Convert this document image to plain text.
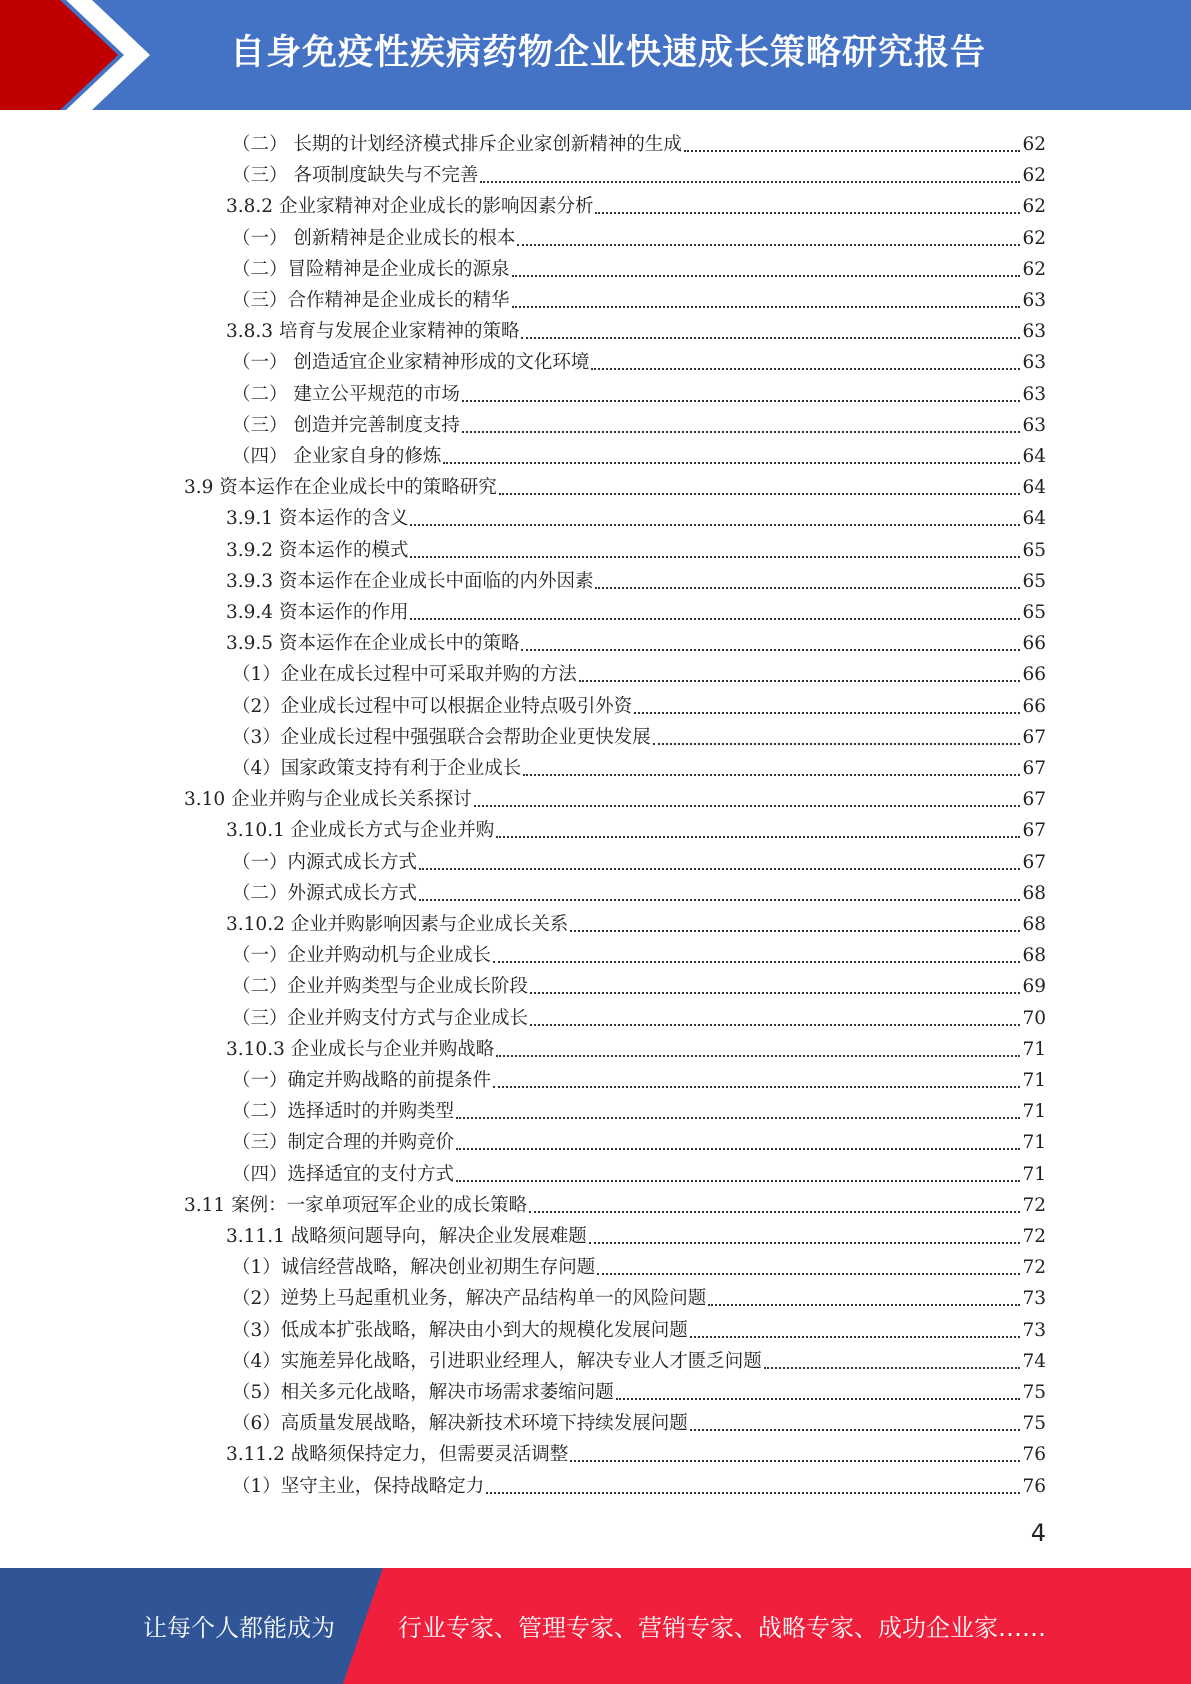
自身免疫性疾病药物企业快速成长策略研究报告
（二） 长期的计划经济模式排斥企业家创新精神的生成	62
（三） 各项制度缺失与不完善	62
3.8.2 企业家精神对企业成长的影响因素分析	62
（一） 创新精神是企业成长的根本	62
（二）冒险精神是企业成长的源泉	62
（三）合作精神是企业成长的精华	63
3.8.3 培育与发展企业家精神的策略	63
（一） 创造适宜企业家精神形成的文化环境	63
（二） 建立公平规范的市场	63
（三） 创造并完善制度支持	63
（四） 企业家自身的修炼	64
3.9 资本运作在企业成长中的策略研究	64
3.9.1 资本运作的含义	64
3.9.2 资本运作的模式	65
3.9.3 资本运作在企业成长中面临的内外因素	65
3.9.4 资本运作的作用	65
3.9.5 资本运作在企业成长中的策略	66
（1）企业在成长过程中可采取并购的方法	66
（2）企业成长过程中可以根据企业特点吸引外资	66
（3）企业成长过程中强强联合会帮助企业更快发展	67
（4）国家政策支持有利于企业成长	67
3.10 企业并购与企业成长关系探讨	67
3.10.1 企业成长方式与企业并购	67
（一）内源式成长方式	67
（二）外源式成长方式	68
3.10.2 企业并购影响因素与企业成长关系	68
（一）企业并购动机与企业成长	68
（二）企业并购类型与企业成长阶段	69
（三）企业并购支付方式与企业成长	70
3.10.3 企业成长与企业并购战略	71
（一）确定并购战略的前提条件	71
（二）选择适时的并购类型	71
（三）制定合理的并购竞价	71
（四）选择适宜的支付方式	71
3.11 案例：一家单项冠军企业的成长策略	72
3.11.1 战略须问题导向，解决企业发展难题	72
（1）诚信经营战略，解决创业初期生存问题	72
（2）逆势上马起重机业务，解决产品结构单一的风险问题	73
（3）低成本扩张战略，解决由小到大的规模化发展问题	73
（4）实施差异化战略，引进职业经理人，解决专业人才匮乏问题	74
（5）相关多元化战略，解决市场需求萎缩问题	75
（6）高质量发展战略，解决新技术环境下持续发展问题	75
3.11.2 战略须保持定力，但需要灵活调整	76
（1）坚守主业，保持战略定力	76
4
让每个人都能成为	行业专家、管理专家、营销专家、战略专家、成功企业家……
